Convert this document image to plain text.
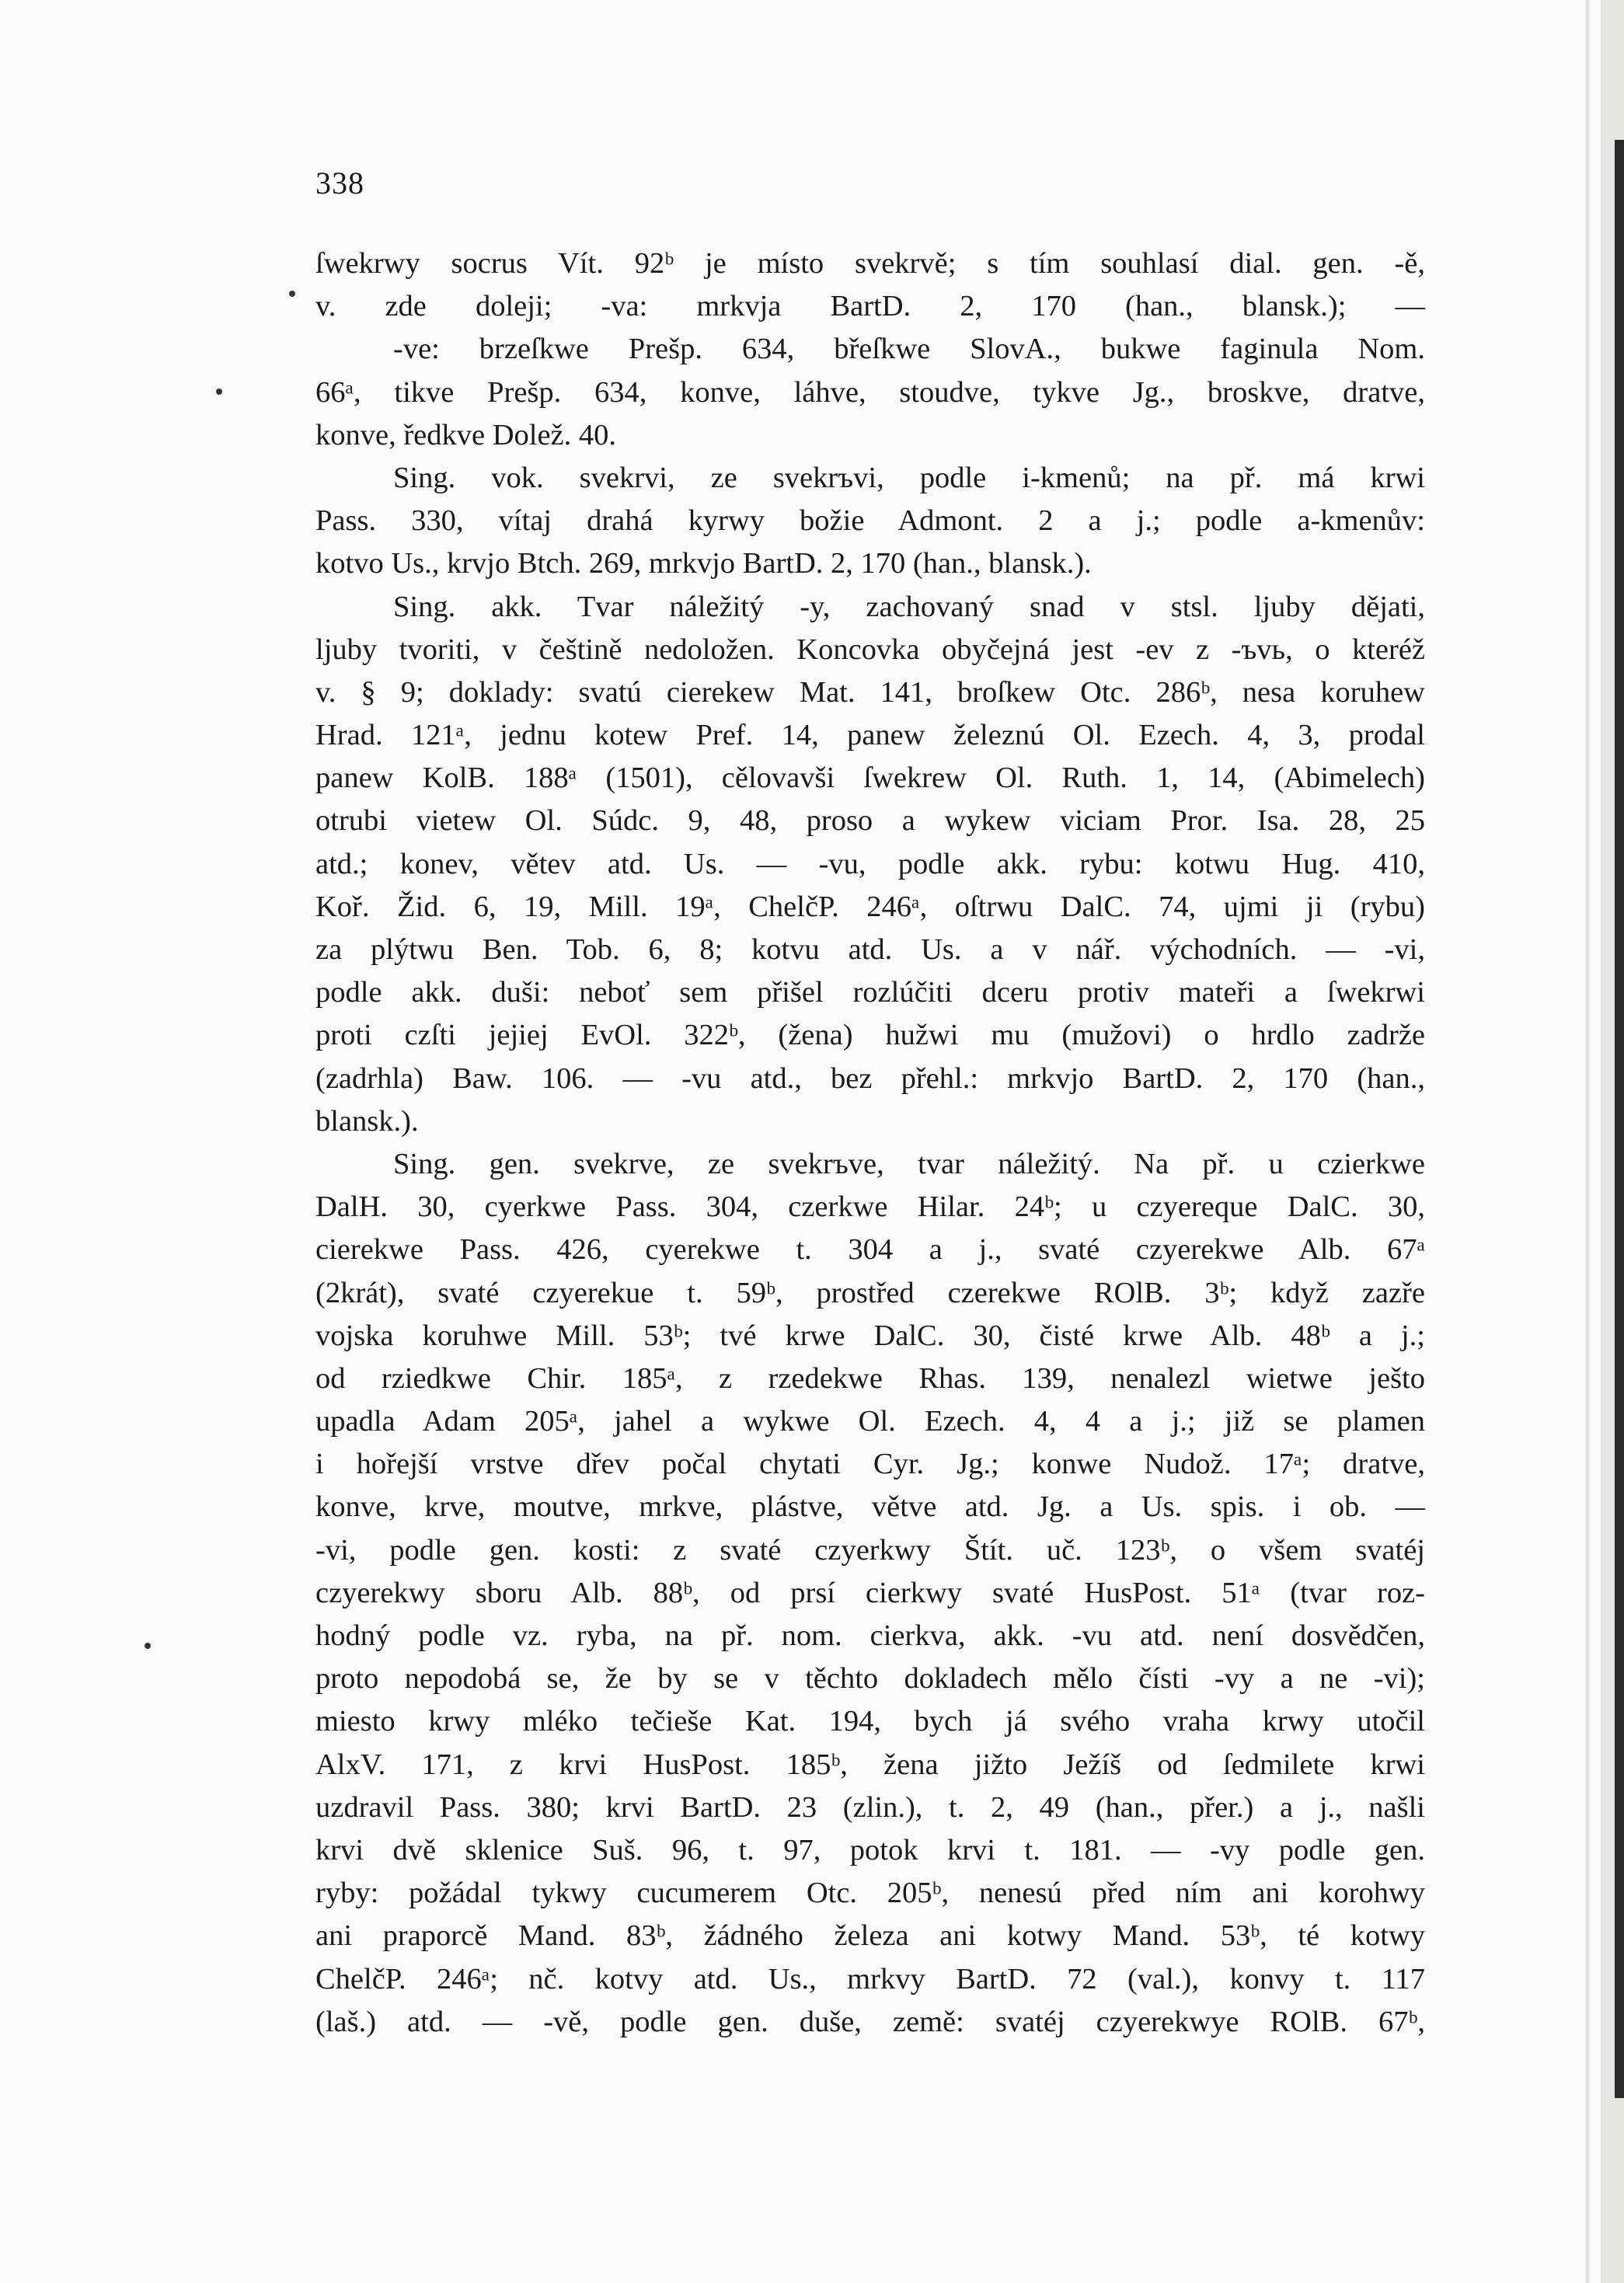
338
ſwekrwy socrus Vít. 92ᵇ je místo svekrvě; s tím souhlasí dial. gen. -ě,
v. zde doleji; -va: mrkvja BartD. 2, 170 (han., blansk.); —
-ve: brzeſkwe Prešp. 634, břeſkwe SlovA., bukwe faginula Nom.
66ᵃ, tikve Prešp. 634, konve, láhve, stoudve, tykve Jg., broskve, dratve,
konve, ředkve Dolež. 40.
Sing. vok. svekrvi, ze svekrъvi, podle i-kmenů; na př. má krwi
Pass. 330, vítaj drahá kyrwy božie Admont. 2 a j.; podle a-kmenův:
kotvo Us., krvjo Btch. 269, mrkvjo BartD. 2, 170 (han., blansk.).
Sing. akk. Tvar náležitý -y, zachovaný snad v stsl. ljuby dějati,
ljuby tvoriti, v češtině nedoložen. Koncovka obyčejná jest -ev z -ъvь, o kteréž
v. § 9; doklady: svatú cierekew Mat. 141, broſkew Otc. 286ᵇ, nesa koruhew
Hrad. 121ᵃ, jednu kotew Pref. 14, panew železnú Ol. Ezech. 4, 3, prodal
panew KolB. 188ᵃ (1501), cělovavši ſwekrew Ol. Ruth. 1, 14, (Abimelech)
otrubi vietew Ol. Súdc. 9, 48, proso a wykew viciam Pror. Isa. 28, 25
atd.; konev, větev atd. Us. — -vu, podle akk. rybu: kotwu Hug. 410,
Koř. Žid. 6, 19, Mill. 19ᵃ, ChelčP. 246ᵃ, oſtrwu DalC. 74, ujmi ji (rybu)
za plýtwu Ben. Tob. 6, 8; kotvu atd. Us. a v nář. východních. — -vi,
podle akk. duši: neboť sem přišel rozlúčiti dceru protiv mateři a ſwekrwi
proti czſti jejiej EvOl. 322ᵇ, (žena) hužwi mu (mužovi) o hrdlo zadrže
(zadrhla) Baw. 106. — -vu atd., bez přehl.: mrkvjo BartD. 2, 170 (han.,
blansk.).
Sing. gen. svekrve, ze svekrъve, tvar náležitý. Na př. u czierkwe
DalH. 30, cyerkwe Pass. 304, czerkwe Hilar. 24ᵇ; u czyereque DalC. 30,
cierekwe Pass. 426, cyerekwe t. 304 a j., svaté czyerekwe Alb. 67ᵃ
(2krát), svaté czyerekue t. 59ᵇ, prostřed czerekwe ROlB. 3ᵇ; když zazře
vojska koruhwe Mill. 53ᵇ; tvé krwe DalC. 30, čisté krwe Alb. 48ᵇ a j.;
od rziedkwe Chir. 185ᵃ, z rzedekwe Rhas. 139, nenalezl wietwe ješto
upadla Adam 205ᵃ, jahel a wykwe Ol. Ezech. 4, 4 a j.; již se plamen
i hořejší vrstve dřev počal chytati Cyr. Jg.; konwe Nudož. 17ᵃ; dratve,
konve, krve, moutve, mrkve, plástve, větve atd. Jg. a Us. spis. i ob. —
-vi, podle gen. kosti: z svaté czyerkwy Štít. uč. 123ᵇ, o všem svatéj
czyerekwy sboru Alb. 88ᵇ, od prsí cierkwy svaté HusPost. 51ᵃ (tvar roz-
hodný podle vz. ryba, na př. nom. cierkva, akk. -vu atd. není dosvědčen,
proto nepodobá se, že by se v těchto dokladech mělo čísti -vy a ne -vi);
miesto krwy mléko tečieše Kat. 194, bych já svého vraha krwy utočil
AlxV. 171, z krvi HusPost. 185ᵇ, žena jižto Ježíš od ſedmilete krwi
uzdravil Pass. 380; krvi BartD. 23 (zlin.), t. 2, 49 (han., přer.) a j., našli
krvi dvě sklenice Suš. 96, t. 97, potok krvi t. 181. — -vy podle gen.
ryby: požádal tykwy cucumerem Otc. 205ᵇ, nenesú před ním ani korohwy
ani praporcě Mand. 83ᵇ, žádného železa ani kotwy Mand. 53ᵇ, té kotwy
ChelčP. 246ᵃ; nč. kotvy atd. Us., mrkvy BartD. 72 (val.), konvy t. 117
(laš.) atd. — -vě, podle gen. duše, země: svatéj czyerekwye ROlB. 67ᵇ,
